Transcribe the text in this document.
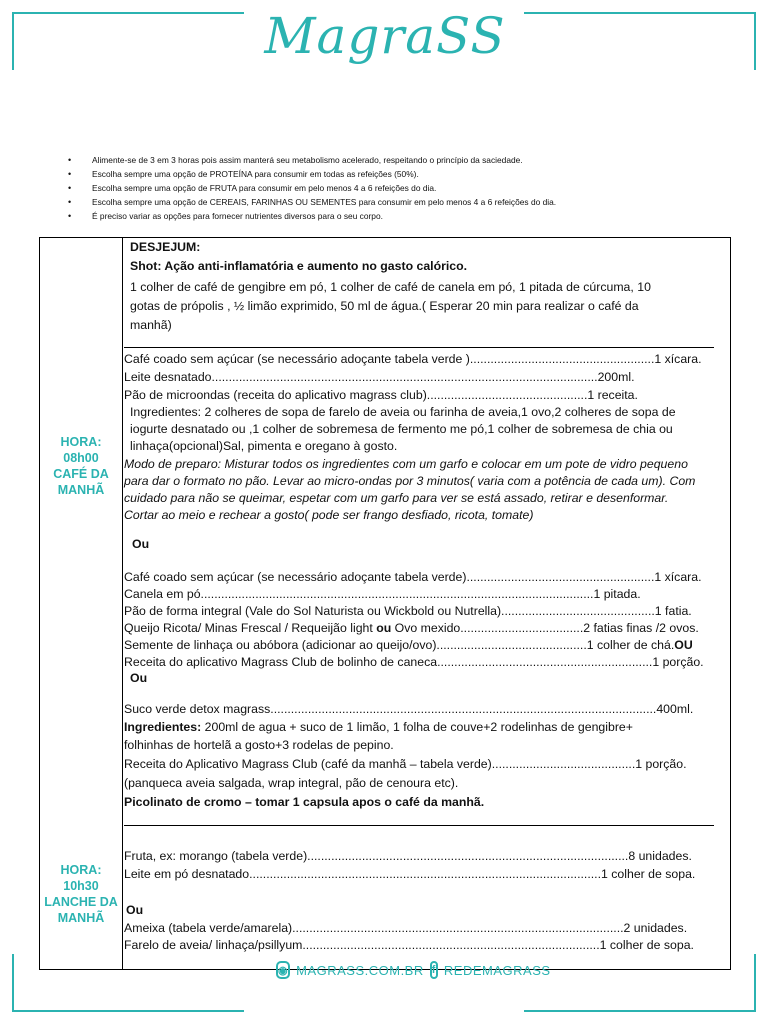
MagraSS
• Alimente-se de 3 em 3 horas pois assim manterá seu metabolismo acelerado, respeitando o princípio da saciedade.
• Escolha sempre uma opção de PROTEÍNA para consumir em todas as refeições (50%).
• Escolha sempre uma opção de FRUTA para consumir em pelo menos 4 a 6 refeições do dia.
• Escolha sempre uma opção de CEREAIS, FARINHAS OU SEMENTES para consumir em pelo menos 4 a 6 refeições do dia.
• É preciso variar as opções para fornecer nutrientes diversos para o seu corpo.
HORA:
08h00
CAFÉ DA
MANHÃ
HORA:
10h30
LANCHE DA
MANHÃ
DESJEJUM:
Shot: Ação anti-inflamatória e aumento no gasto calórico.
1 colher de café de gengibre em pó, 1 colher de café de canela em pó, 1 pitada de cúrcuma, 10
gotas de própolis , ½ limão exprimido, 50 ml de água.( Esperar 20 min para realizar o café da
manhã)
Café coado sem açúcar (se necessário adoçante tabela verde )......................................................1 xícara.
Leite desnatado.................................................................................................................200ml.
Pão de microondas (receita do aplicativo magrass club)...............................................1 receita.
Ingredientes: 2 colheres de sopa de farelo de aveia ou farinha de aveia,1 ovo,2 colheres de sopa de
iogurte desnatado ou ,1 colher de sobremesa de fermento me pó,1 colher de sobremesa de chia ou
linhaça(opcional)Sal, pimenta e oregano à gosto.
Modo de preparo: Misturar todos os ingredientes com um garfo e colocar em um pote de vidro pequeno
para dar o formato no pão. Levar ao micro-ondas por 3 minutos( varia com a potência de cada um). Com
cuidado para não se queimar, espetar com um garfo para ver se está assado, retirar e desenformar.
Cortar ao meio e rechear a gosto( pode ser frango desfiado, ricota, tomate)
Ou
Café coado sem açúcar (se necessário adoçante tabela verde).......................................................1 xícara.
Canela em pó...................................................................................................................1 pitada.
Pão de forma integral (Vale do Sol Naturista ou Wickbold ou Nutrella).............................................1 fatia.
Queijo Ricota/ Minas Frescal / Requeijão light ou Ovo mexido....................................2 fatias finas /2 ovos.
Semente de linhaça ou abóbora (adicionar ao queijo/ovo)............................................1 colher de chá.OU
Receita do aplicativo Magrass Club de bolinho de caneca...............................................................1 porção.
Ou
Suco verde detox magrass.................................................................................................................400ml.
Ingredientes: 200ml de agua + suco de 1 limão, 1 folha de couve+2 rodelinhas de gengibre+
folhinhas de hortelã a gosto+3 rodelas de pepino.
Receita do Aplicativo Magrass Club (café da manhã – tabela verde)..........................................1 porção.
(panqueca aveia salgada, wrap integral, pão de cenoura etc).
Picolinato de cromo – tomar 1 capsula apos o café da manhã.
Fruta, ex: morango (tabela verde)..............................................................................................8 unidades.
Leite em pó desnatado.......................................................................................................1 colher de sopa.
Ou
Ameixa (tabela verde/amarela).................................................................................................2 unidades.
Farelo de aveia/ linhaça/psillyum.......................................................................................1 colher de sopa.
◉ MAGRASS.COM.BR f REDEMAGRASS
